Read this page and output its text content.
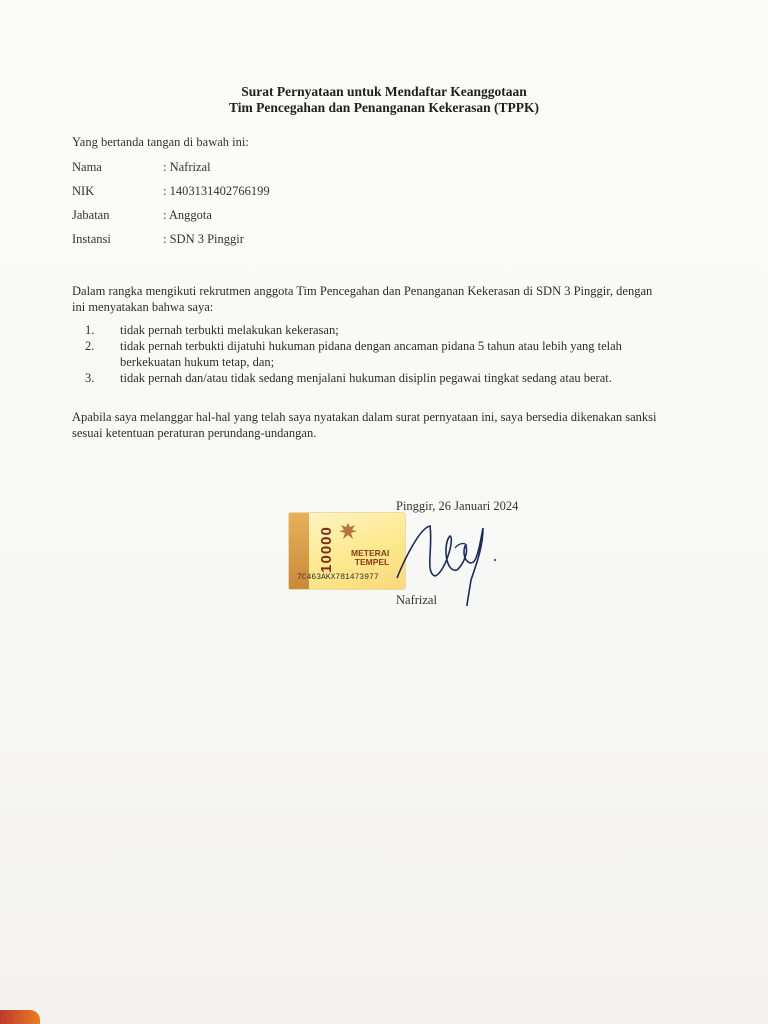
Surat Pernyataan untuk Mendaftar Keanggotaan
Tim Pencegahan dan Penanganan Kekerasan (TPPK)
Yang bertanda tangan di bawah ini:
Nama	: Nafrizal
NIK	: 1403131402766199
Jabatan	: Anggota
Instansi	: SDN 3 Pinggir
Dalam rangka mengikuti rekrutmen anggota Tim Pencegahan dan Penanganan Kekerasan di SDN 3 Pinggir, dengan ini menyatakan bahwa saya:
1.	tidak pernah terbukti melakukan kekerasan;
2.	tidak pernah terbukti dijatuhi hukuman pidana dengan ancaman pidana 5 tahun atau lebih yang telah berkekuatan hukum tetap, dan;
3.	tidak pernah dan/atau tidak sedang menjalani hukuman disiplin pegawai tingkat sedang atau berat.
Apabila saya melanggar hal-hal yang telah saya nyatakan dalam surat pernyataan ini, saya bersedia dikenakan sanksi sesuai ketentuan peraturan perundang-undangan.
Pinggir, 26 Januari 2024
10000 METERAI
TEMPEL
7C463AKX781473977
Nafrizal
